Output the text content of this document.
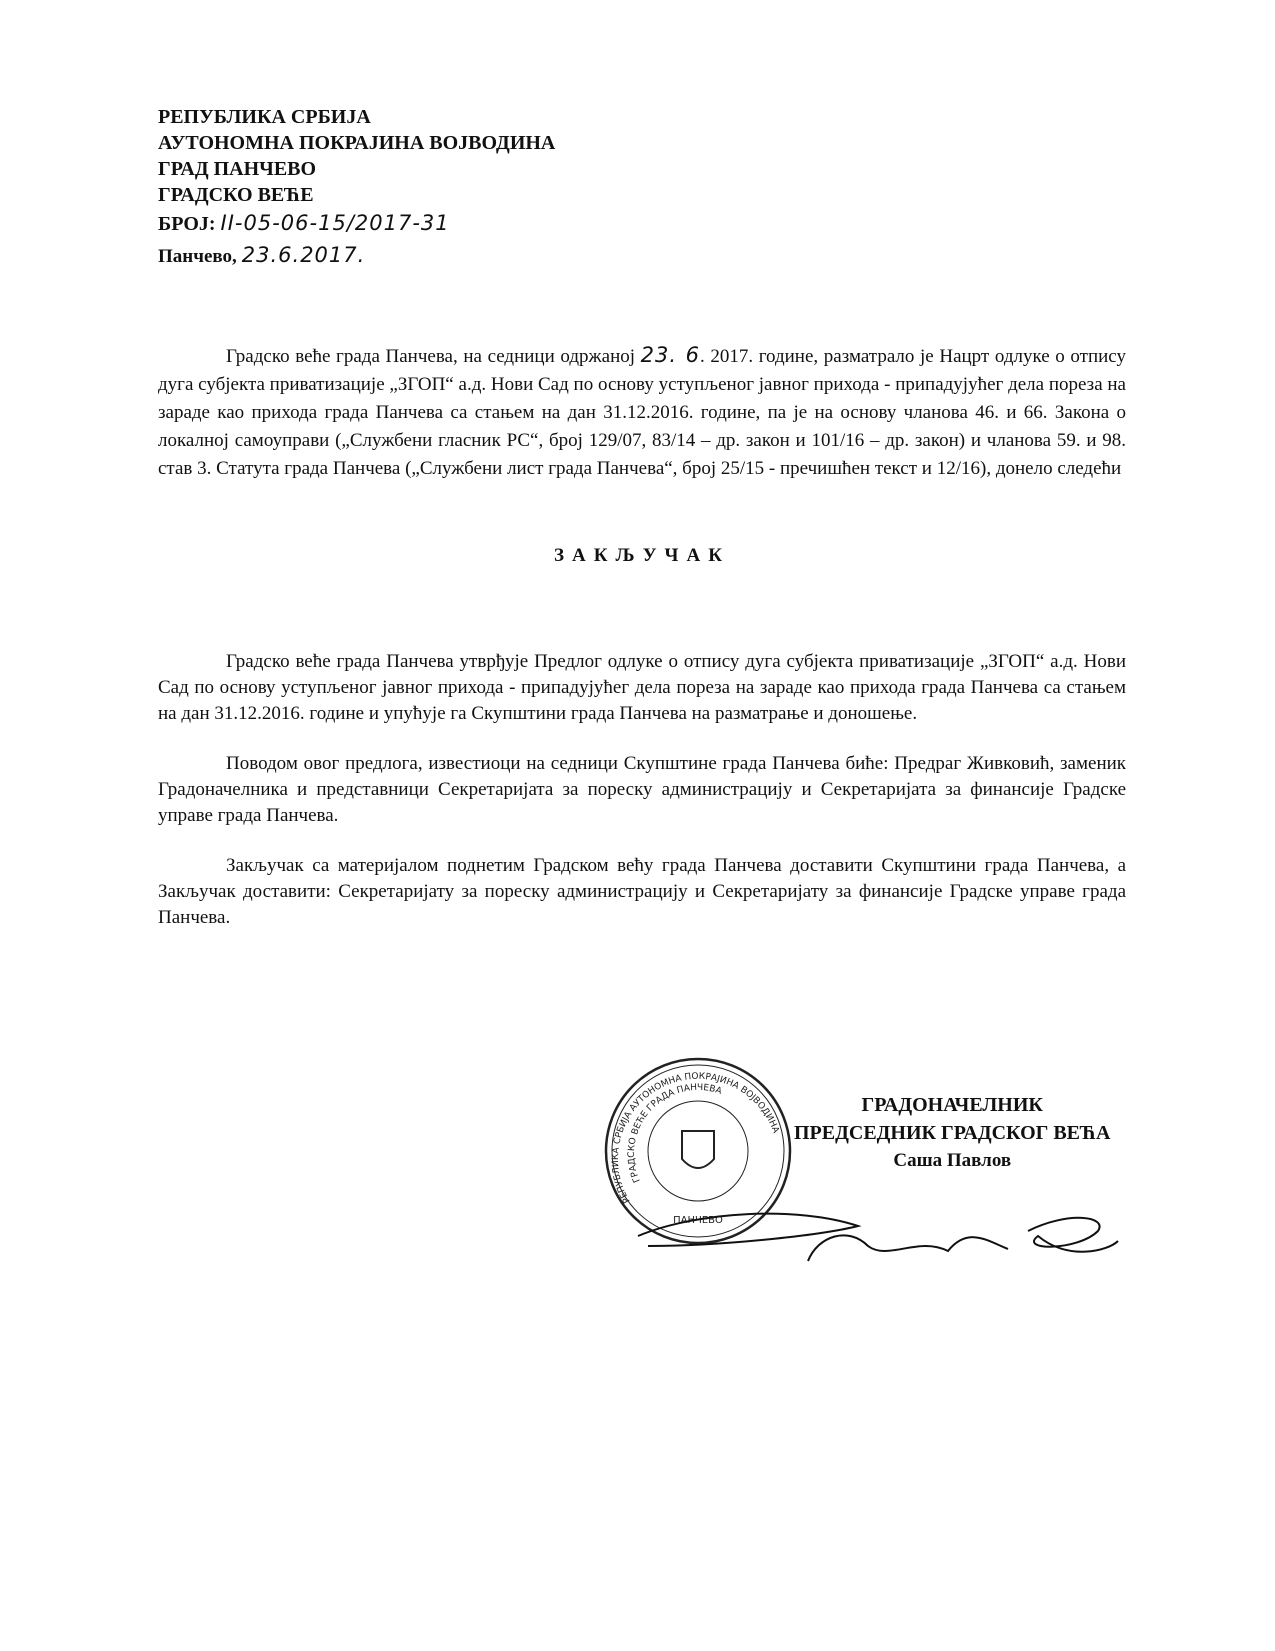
РЕПУБЛИКА СРБИЈА
АУТОНОМНА ПОКРАЈИНА ВОЈВОДИНА
ГРАД ПАНЧЕВО
ГРАДСКО ВЕЋЕ
БРОЈ: II-05-06-15/2017-31
Панчево, 23.6.2017.

Градско веће града Панчева, на седници одржаној 23. 6. 2017. године, разматрало је Нацрт одлуке о отпису дуга субјекта приватизације „ЗГОП“ а.д. Нови Сад по основу уступљеног јавног прихода - припадујућег дела пореза на зараде као прихода града Панчева са стањем на дан 31.12.2016. године, па је на основу чланова 46. и 66. Закона о локалној самоуправи („Службени гласник РС“, број 129/07, 83/14 – др. закон и 101/16 – др. закон) и чланова 59. и 98. став 3. Статута града Панчева („Службени лист града Панчева“, број 25/15 - пречишћен текст и 12/16), донело следећи

ЗАКЉУЧАК

Градско веће града Панчева утврђује Предлог одлуке о отпису дуга субјекта приватизације „ЗГОП“ а.д. Нови Сад по основу уступљеног јавног прихода - припадујућег дела пореза на зараде као прихода града Панчева са стањем на дан 31.12.2016. године и упућује га Скупштини града Панчева на разматрање и доношење.

Поводом овог предлога, известиоци на седници Скупштине града Панчева биће: Предраг Живковић, заменик Градоначелника и представници Секретаријата за пореску администрацију и Секретаријата за финансије Градске управе града Панчева.

Закључак са материјалом поднетим Градском већу града Панчева доставити Скупштини града Панчева, а Закључак доставити: Секретаријату за пореску администрацију и Секретаријату за финансије Градске управе града Панчева.

РЕПУБЛИКА СРБИЈА АУТОНОМНА ПОКРАЈИНА ВОЈВОДИНА
ГРАДСКО ВЕЋЕ ГРАДА ПАНЧЕВА
ПАНЧЕВО
ГРАДОНАЧЕЛНИК
ПРЕДСЕДНИК ГРАДСКОГ ВЕЋА
Саша Павлов
